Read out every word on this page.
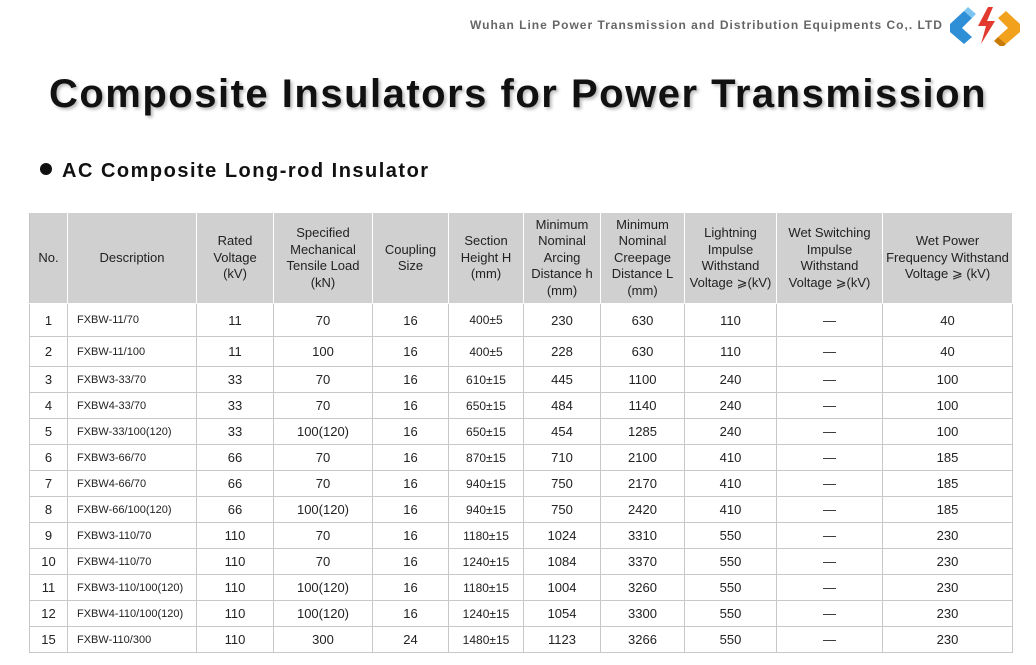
Wuhan Line Power Transmission and Distribution Equipments Co,. LTD
Composite Insulators for Power Transmission
AC Composite Long-rod Insulator
No.	Description	Rated Voltage (kV)	Specified Mechanical Tensile Load (kN)	Coupling Size	Section Height H (mm)	Minimum Nominal Arcing Distance h (mm)	Minimum Nominal Creepage Distance L (mm)	Lightning Impulse Withstand Voltage ⩾(kV)	Wet Switching Impulse Withstand Voltage ⩾(kV)	Wet Power Frequency Withstand Voltage ⩾ (kV)
1	FXBW-11/70	11	70	16	400±5	230	630	110	—	40
2	FXBW-11/100	11	100	16	400±5	228	630	110	—	40
3	FXBW3-33/70	33	70	16	610±15	445	1100	240	—	100
4	FXBW4-33/70	33	70	16	650±15	484	1140	240	—	100
5	FXBW-33/100(120)	33	100(120)	16	650±15	454	1285	240	—	100
6	FXBW3-66/70	66	70	16	870±15	710	2100	410	—	185
7	FXBW4-66/70	66	70	16	940±15	750	2170	410	—	185
8	FXBW-66/100(120)	66	100(120)	16	940±15	750	2420	410	—	185
9	FXBW3-110/70	110	70	16	1180±15	1024	3310	550	—	230
10	FXBW4-110/70	110	70	16	1240±15	1084	3370	550	—	230
11	FXBW3-110/100(120)	110	100(120)	16	1180±15	1004	3260	550	—	230
12	FXBW4-110/100(120)	110	100(120)	16	1240±15	1054	3300	550	—	230
15	FXBW-110/300	110	300	24	1480±15	1123	3266	550	—	230
